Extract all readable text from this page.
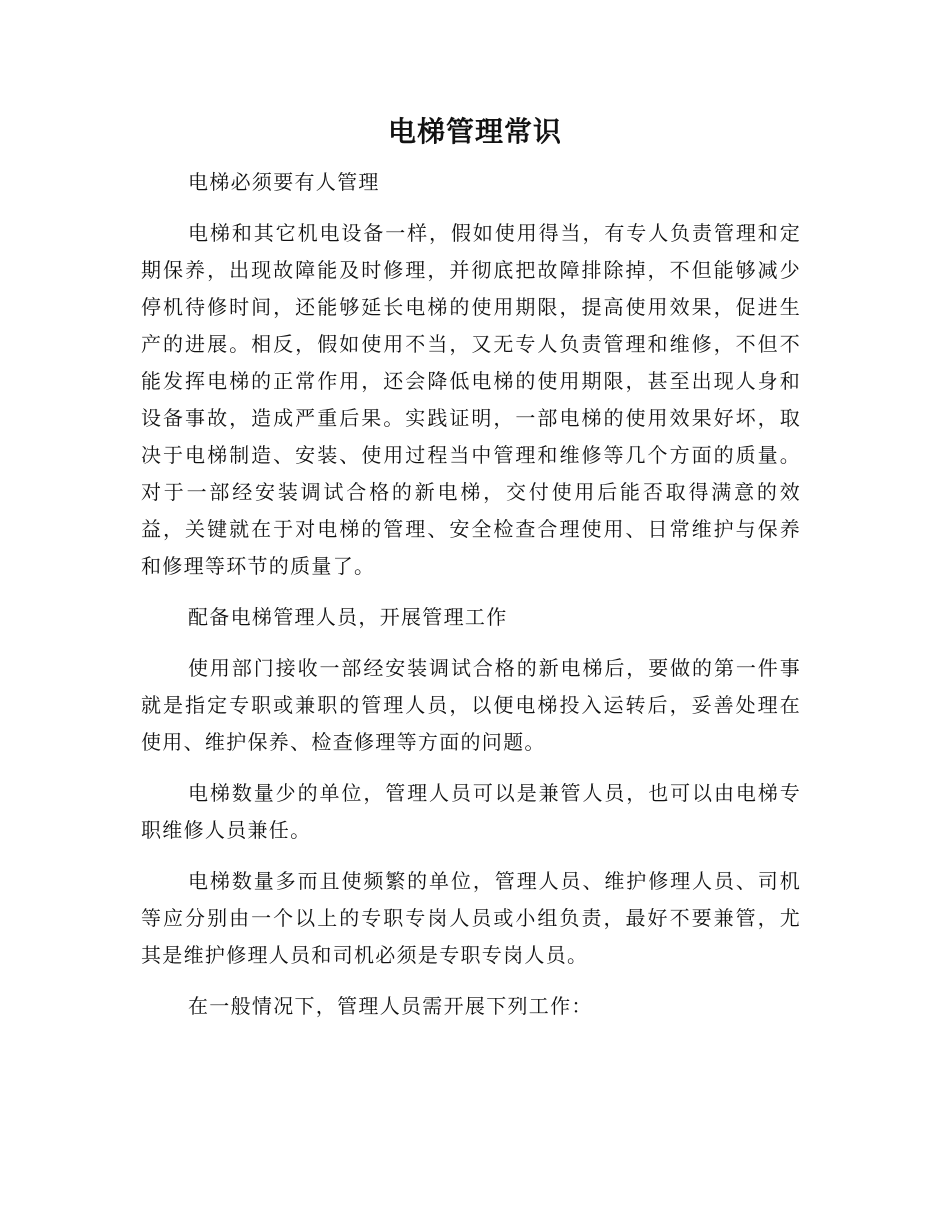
电梯管理常识

电梯必须要有人管理

电梯和其它机电设备一样，假如使用得当，有专人负责管理和定期保养，出现故障能及时修理，并彻底把故障排除掉，不但能够减少停机待修时间，还能够延长电梯的使用期限，提高使用效果，促进生产的进展。相反，假如使用不当，又无专人负责管理和维修，不但不能发挥电梯的正常作用，还会降低电梯的使用期限，甚至出现人身和设备事故，造成严重后果。实践证明，一部电梯的使用效果好坏，取决于电梯制造、安装、使用过程当中管理和维修等几个方面的质量。对于一部经安装调试合格的新电梯，交付使用后能否取得满意的效益，关键就在于对电梯的管理、安全检查合理使用、日常维护与保养和修理等环节的质量了。

配备电梯管理人员，开展管理工作

使用部门接收一部经安装调试合格的新电梯后，要做的第一件事就是指定专职或兼职的管理人员，以便电梯投入运转后，妥善处理在使用、维护保养、检查修理等方面的问题。

电梯数量少的单位，管理人员可以是兼管人员，也可以由电梯专职维修人员兼任。

电梯数量多而且使频繁的单位，管理人员、维护修理人员、司机等应分别由一个以上的专职专岗人员或小组负责，最好不要兼管，尤其是维护修理人员和司机必须是专职专岗人员。

在一般情况下，管理人员需开展下列工作：
